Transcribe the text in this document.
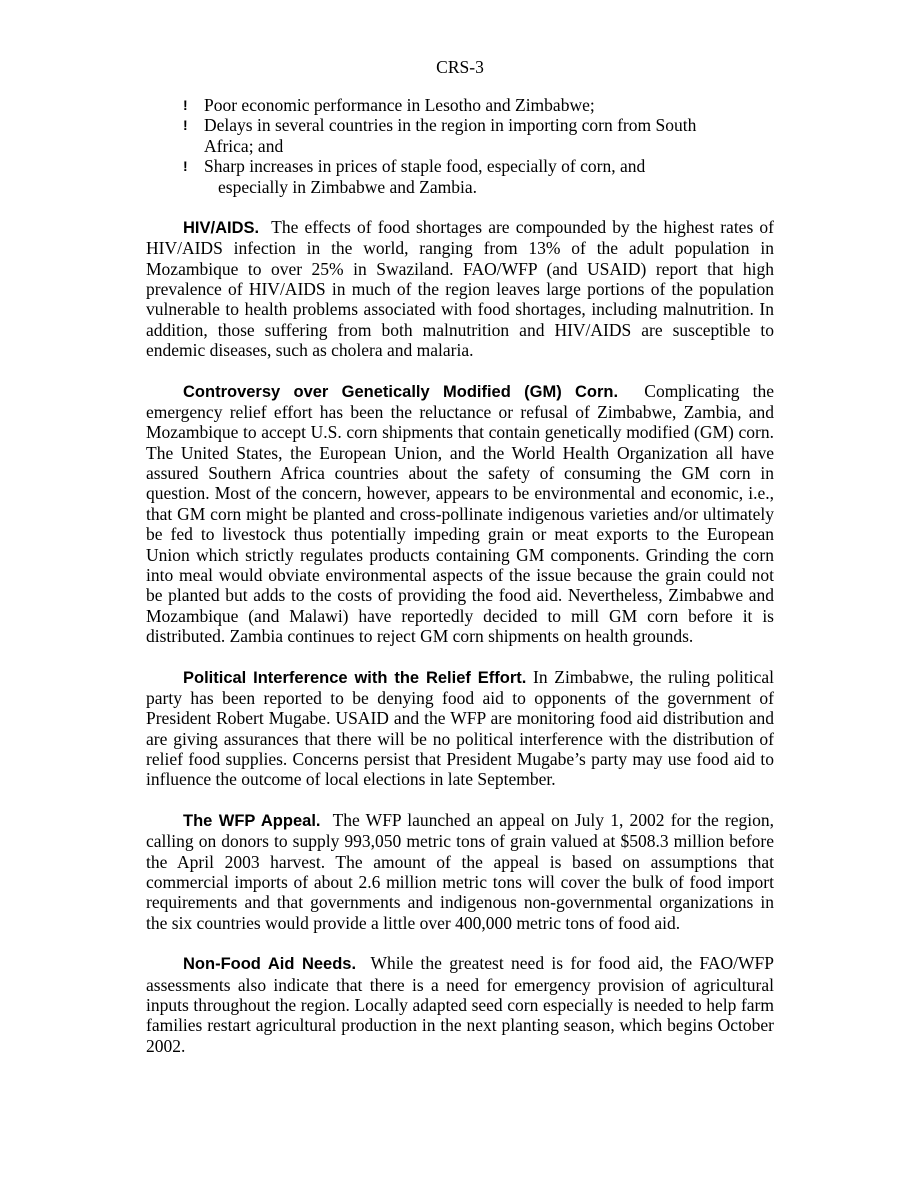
CRS-3
! Poor economic performance in Lesotho and Zimbabwe;
! Delays in several countries in the region in importing corn from South
Africa; and
! Sharp increases in prices of staple food, especially of corn, and
especially in Zimbabwe and Zambia.

HIV/AIDS. The effects of food shortages are compounded by the highest rates of HIV/AIDS infection in the world, ranging from 13% of the adult population in Mozambique to over 25% in Swaziland. FAO/WFP (and USAID) report that high prevalence of HIV/AIDS in much of the region leaves large portions of the population vulnerable to health problems associated with food shortages, including malnutrition. In addition, those suffering from both malnutrition and HIV/AIDS are susceptible to endemic diseases, such as cholera and malaria.

Controversy over Genetically Modified (GM) Corn. Complicating the emergency relief effort has been the reluctance or refusal of Zimbabwe, Zambia, and Mozambique to accept U.S. corn shipments that contain genetically modified (GM) corn. The United States, the European Union, and the World Health Organization all have assured Southern Africa countries about the safety of consuming the GM corn in question. Most of the concern, however, appears to be environmental and economic, i.e., that GM corn might be planted and cross-pollinate indigenous varieties and/or ultimately be fed to livestock thus potentially impeding grain or meat exports to the European Union which strictly regulates products containing GM components. Grinding the corn into meal would obviate environmental aspects of the issue because the grain could not be planted but adds to the costs of providing the food aid. Nevertheless, Zimbabwe and Mozambique (and Malawi) have reportedly decided to mill GM corn before it is distributed. Zambia continues to reject GM corn shipments on health grounds.

Political Interference with the Relief Effort. In Zimbabwe, the ruling political party has been reported to be denying food aid to opponents of the government of President Robert Mugabe. USAID and the WFP are monitoring food aid distribution and are giving assurances that there will be no political interference with the distribution of relief food supplies. Concerns persist that President Mugabe’s party may use food aid to influence the outcome of local elections in late September.

The WFP Appeal. The WFP launched an appeal on July 1, 2002 for the region, calling on donors to supply 993,050 metric tons of grain valued at $508.3 million before the April 2003 harvest. The amount of the appeal is based on assumptions that commercial imports of about 2.6 million metric tons will cover the bulk of food import requirements and that governments and indigenous non-governmental organizations in the six countries would provide a little over 400,000 metric tons of food aid.

Non-Food Aid Needs. While the greatest need is for food aid, the FAO/WFP assessments also indicate that there is a need for emergency provision of agricultural inputs throughout the region. Locally adapted seed corn especially is needed to help farm families restart agricultural production in the next planting season, which begins October 2002.
